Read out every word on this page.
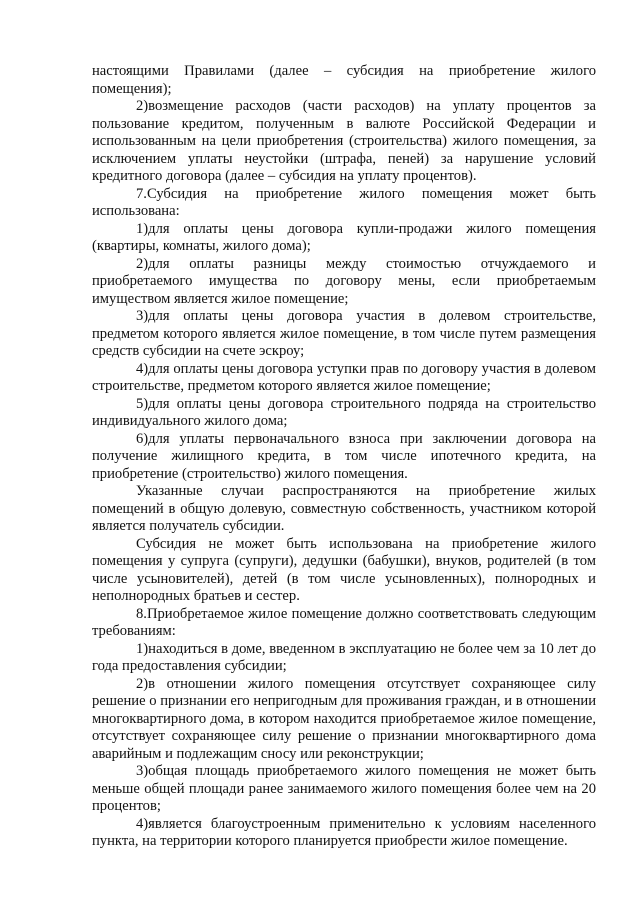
настоящими Правилами (далее – субсидия на приобретение жилого помещения);

2)возмещение расходов (части расходов) на уплату процентов за пользование кредитом, полученным в валюте Российской Федерации и использованным на цели приобретения (строительства) жилого помещения, за исключением уплаты неустойки (штрафа, пеней) за нарушение условий кредитного договора (далее – субсидия на уплату процентов).

7.Субсидия на приобретение жилого помещения может быть использована:

1)для оплаты цены договора купли-продажи жилого помещения (квартиры, комнаты, жилого дома);

2)для оплаты разницы между стоимостью отчуждаемого и приобретаемого имущества по договору мены, если приобретаемым имуществом является жилое помещение;

3)для оплаты цены договора участия в долевом строительстве, предметом которого является жилое помещение, в том числе путем размещения средств субсидии на счете эскроу;

4)для оплаты цены договора уступки прав по договору участия в долевом строительстве, предметом которого является жилое помещение;

5)для оплаты цены договора строительного подряда на строительство индивидуального жилого дома;

6)для уплаты первоначального взноса при заключении договора на получение жилищного кредита, в том числе ипотечного кредита, на приобретение (строительство) жилого помещения.

Указанные случаи распространяются на приобретение жилых помещений в общую долевую, совместную собственность, участником которой является получатель субсидии.

Субсидия не может быть использована на приобретение жилого помещения у супруга (супруги), дедушки (бабушки), внуков, родителей (в том числе усыновителей), детей (в том числе усыновленных), полнородных и неполнородных братьев и сестер.

8.Приобретаемое жилое помещение должно соответствовать следующим требованиям:

1)находиться в доме, введенном в эксплуатацию не более чем за 10 лет до года предоставления субсидии;

2)в отношении жилого помещения отсутствует сохраняющее силу решение о признании его непригодным для проживания граждан, и в отношении многоквартирного дома, в котором находится приобретаемое жилое помещение, отсутствует сохраняющее силу решение о признании многоквартирного дома аварийным и подлежащим сносу или реконструкции;

3)общая площадь приобретаемого жилого помещения не может быть меньше общей площади ранее занимаемого жилого помещения более чем на 20 процентов;

4)является благоустроенным применительно к условиям населенного пункта, на территории которого планируется приобрести жилое помещение.
